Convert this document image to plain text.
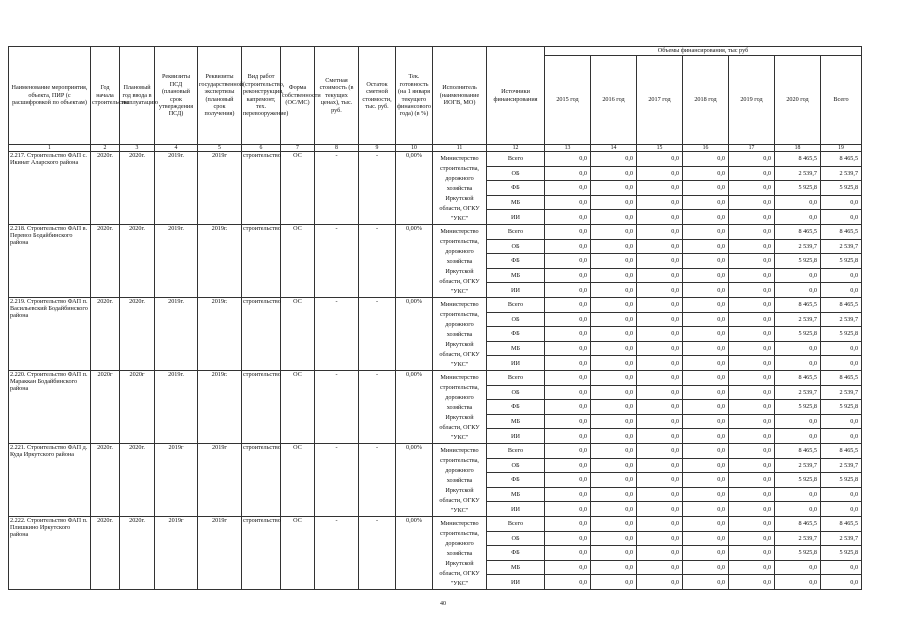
Наименование мероприятия, объекта, ПИР (с расшифровкой по объектам)	Год начала строительства	Плановый год ввода в эксплуатацию	Реквизиты ПСД (плановый срок утверждения ПСД)	Реквизиты государственной экспертизы (плановый срок получения)	Вид работ (строительство, реконструкция, капремонт, тех. перевооружение)	Форма собственности (ОС/МС)	Сметная стоимость (в текущих ценах), тыс. руб.	Остаток сметной стоимости, тыс. руб.	Тек. готовность (на 1 января текущего финансового года) (в %)	Исполнитель (наименование ИОГВ, МО)	Источники финансирования	Объемы финансирования, тыс руб						
												2015 год	2016 год	2017 год	2018 год	2019 год	2020 год	Всего
1	2	3	4	5	6	7	8	9	10	11	12	13	14	15	16	17	18	19
2.217. Строительство ФАП с. Икинат Аларского района	2020г.	2020г.	2019г.	2019г	строительство	ОС	-	-	0,00%	Министерство строительства, дорожного хозяйства Иркутской области, ОГКУ "УКС"	Всего	0,0	0,0	0,0	0,0	0,0	8 465,5	8 465,5
											ОБ	0,0	0,0	0,0	0,0	0,0	2 539,7	2 539,7
											ФБ	0,0	0,0	0,0	0,0	0,0	5 925,8	5 925,8
											МБ	0,0	0,0	0,0	0,0	0,0	0,0	0,0
											ИИ	0,0	0,0	0,0	0,0	0,0	0,0	0,0
2.218. Строительство ФАП в. Перевоз Бодайбинского района	2020г.	2020г.	2019г.	2019г.	строительство	ОС	-	-	0,00%	Министерство строительства, дорожного хозяйства Иркутской области, ОГКУ "УКС"	Всего	0,0	0,0	0,0	0,0	0,0	8 465,5	8 465,5
											ОБ	0,0	0,0	0,0	0,0	0,0	2 539,7	2 539,7
											ФБ	0,0	0,0	0,0	0,0	0,0	5 925,8	5 925,8
											МБ	0,0	0,0	0,0	0,0	0,0	0,0	0,0
											ИИ	0,0	0,0	0,0	0,0	0,0	0,0	0,0
2.219. Строительство ФАП п. Васильевский Бодайбинского района	2020г.	2020г.	2019г.	2019г.	строительство	ОС	-	-	0,00%	Министерство строительства, дорожного хозяйства Иркутской области, ОГКУ "УКС"	Всего	0,0	0,0	0,0	0,0	0,0	8 465,5	8 465,5
											ОБ	0,0	0,0	0,0	0,0	0,0	2 539,7	2 539,7
											ФБ	0,0	0,0	0,0	0,0	0,0	5 925,8	5 925,8
											МБ	0,0	0,0	0,0	0,0	0,0	0,0	0,0
											ИИ	0,0	0,0	0,0	0,0	0,0	0,0	0,0
2.220. Строительство ФАП п. Мараккан Бодайбинского района	2020г	2020г	2019г.	2019г.	строительство	ОС	-	-	0,00%	Министерство строительства, дорожного хозяйства Иркутской области, ОГКУ "УКС"	Всего	0,0	0,0	0,0	0,0	0,0	8 465,5	8 465,5
											ОБ	0,0	0,0	0,0	0,0	0,0	2 539,7	2 539,7
											ФБ	0,0	0,0	0,0	0,0	0,0	5 925,8	5 925,8
											МБ	0,0	0,0	0,0	0,0	0,0	0,0	0,0
											ИИ	0,0	0,0	0,0	0,0	0,0	0,0	0,0
2.221. Строительство ФАП д. Куда Иркутского района	2020г.	2020г.	2019г	2019г	строительство	ОС	-	-	0,00%	Министерство строительства, дорожного хозяйства Иркутской области, ОГКУ "УКС"	Всего	0,0	0,0	0,0	0,0	0,0	8 465,5	8 465,5
											ОБ	0,0	0,0	0,0	0,0	0,0	2 539,7	2 539,7
											ФБ	0,0	0,0	0,0	0,0	0,0	5 925,8	5 925,8
											МБ	0,0	0,0	0,0	0,0	0,0	0,0	0,0
											ИИ	0,0	0,0	0,0	0,0	0,0	0,0	0,0
2.222. Строительство ФАП п. Плишкино Иркутского района	2020г.	2020г.	2019г	2019г	строительство	ОС	-	-	0,00%	Министерство строительства, дорожного хозяйства Иркутской области, ОГКУ "УКС"	Всего	0,0	0,0	0,0	0,0	0,0	8 465,5	8 465,5
											ОБ	0,0	0,0	0,0	0,0	0,0	2 539,7	2 539,7
											ФБ	0,0	0,0	0,0	0,0	0,0	5 925,8	5 925,8
											МБ	0,0	0,0	0,0	0,0	0,0	0,0	0,0
											ИИ	0,0	0,0	0,0	0,0	0,0	0,0	0,0
40
